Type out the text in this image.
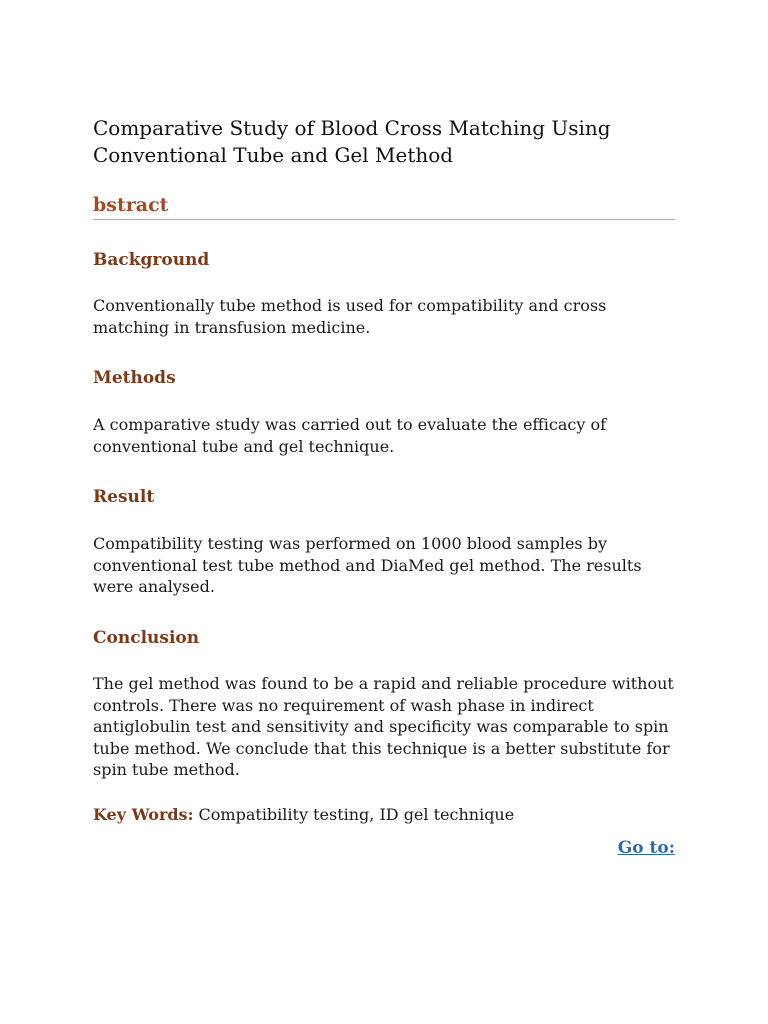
Comparative Study of Blood Cross Matching Using Conventional Tube and Gel Method
bstract
Background

Conventionally tube method is used for compatibility and cross matching in transfusion medicine.

Methods

A comparative study was carried out to evaluate the efficacy of conventional tube and gel technique.

Result

Compatibility testing was performed on 1000 blood samples by conventional test tube method and DiaMed gel method. The results were analysed.

Conclusion

The gel method was found to be a rapid and reliable procedure without controls. There was no requirement of wash phase in indirect antiglobulin test and sensitivity and specificity was comparable to spin tube method. We conclude that this technique is a better substitute for spin tube method.

Key Words: Compatibility testing, ID gel technique

Go to:
